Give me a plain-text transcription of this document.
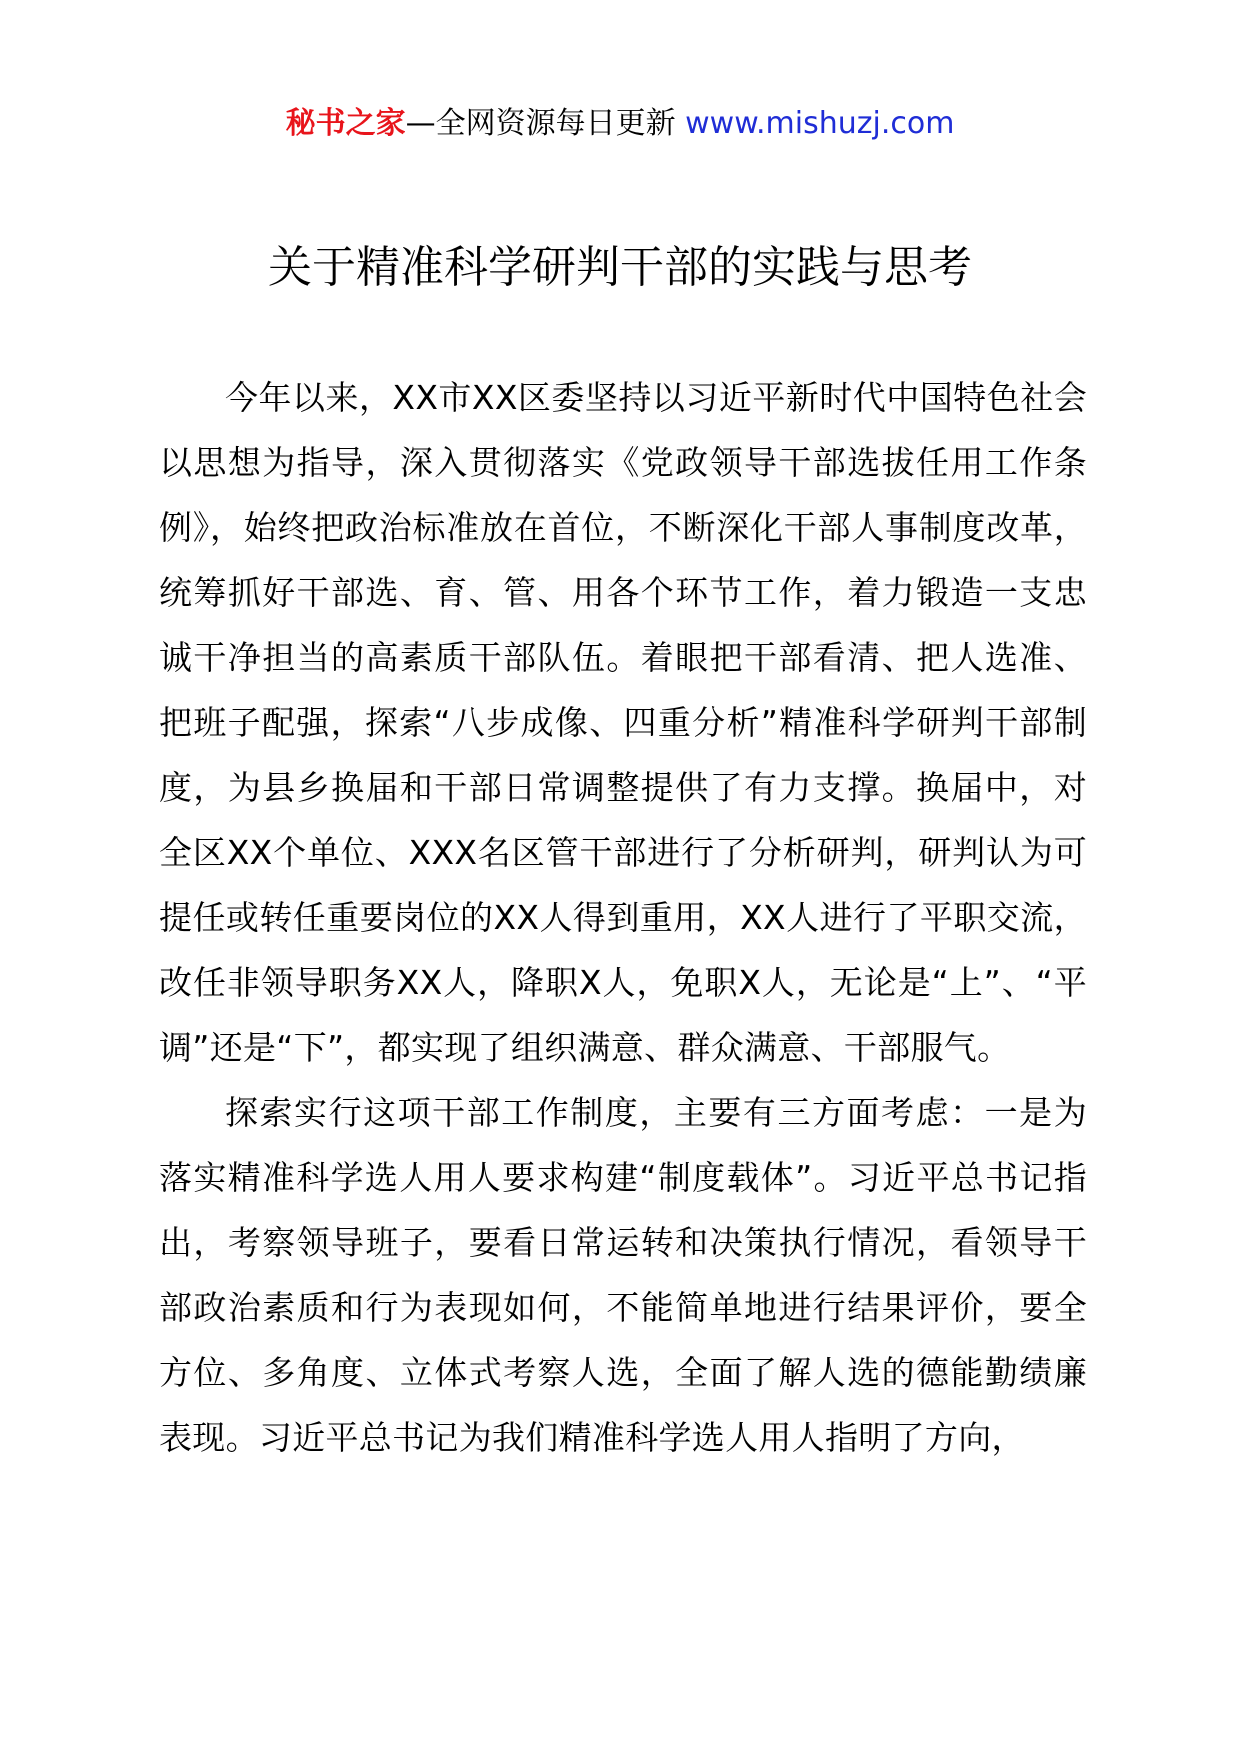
秘书之家—全网资源每日更新 www.mishuzj.com
关于精准科学研判干部的实践与思考

今年以来，XX市XX区委坚持以习近平新时代中国特色社会以思想为指导，深入贯彻落实《党政领导干部选拔任用工作条例》，始终把政治标准放在首位，不断深化干部人事制度改革，统筹抓好干部选、育、管、用各个环节工作，着力锻造一支忠诚干净担当的高素质干部队伍。着眼把干部看清、把人选准、把班子配强，探索“八步成像、四重分析”精准科学研判干部制度，为县乡换届和干部日常调整提供了有力支撑。换届中，对全区XX个单位、XXX名区管干部进行了分析研判，研判认为可提任或转任重要岗位的XX人得到重用，XX人进行了平职交流，改任非领导职务XX人，降职X人，免职X人，无论是“上”、“平调”还是“下”，都实现了组织满意、群众满意、干部服气。

探索实行这项干部工作制度，主要有三方面考虑：一是为落实精准科学选人用人要求构建“制度载体”。习近平总书记指出，考察领导班子，要看日常运转和决策执行情况，看领导干部政治素质和行为表现如何，不能简单地进行结果评价，要全方位、多角度、立体式考察人选，全面了解人选的德能勤绩廉表现。习近平总书记为我们精准科学选人用人指明了方向，
